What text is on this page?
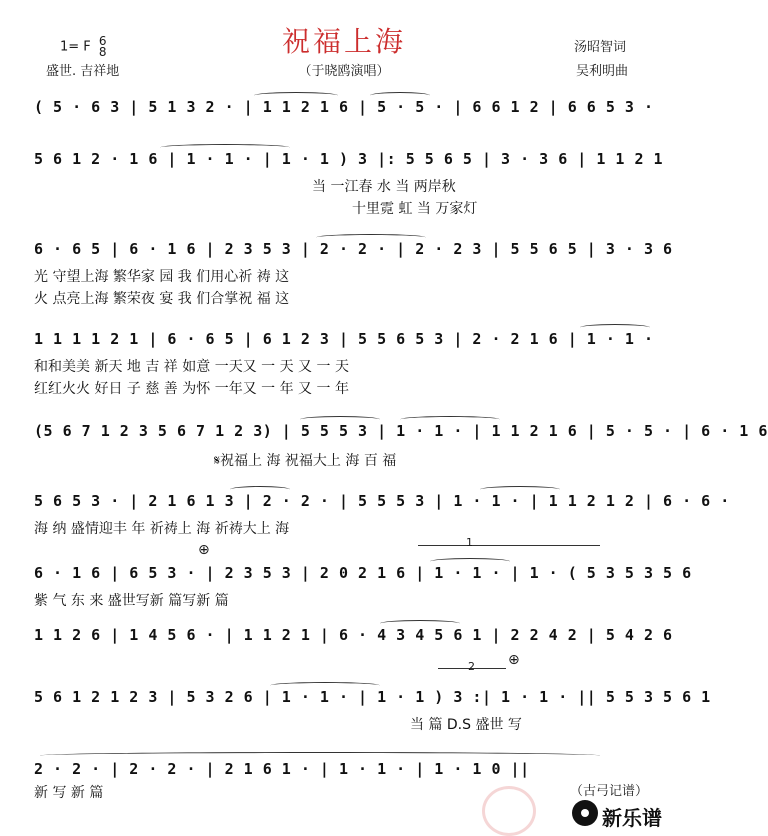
祝福上海
（于晓鸥演唱）
1= F 6
8
盛世. 吉祥地
汤昭智词
吴利明曲
( 5 · 6 3 | 5 1 3 2 · | 1 1 2 1 6 | 5 · 5 · | 6 6 1 2 | 6 6 5 3 ·
5 6 1 2 · 1 6 | 1 · 1 · | 1 · 1 ) 3 |: 5 5 6 5 | 3 · 3 6 | 1 1 2 1
当 一江春 水 当 两岸秋
十里霓 虹 当 万家灯
6 · 6 5 | 6 · 1 6 | 2 3 5 3 | 2 · 2 · | 2 · 2 3 | 5 5 6 5 | 3 · 3 6
光 守望上海 繁华家 园 我 们用心祈 祷 这
火 点亮上海 繁荣夜 宴 我 们合掌祝 福 这
1 1 1 1 2 1 | 6 · 6 5 | 6 1 2 3 | 5 5 6 5 3 | 2 · 2 1 6 | 1 · 1 ·
和和美美 新天 地 吉 祥 如意 一天又 一 天 又 一 天
红红火火 好日 子 慈 善 为怀 一年又 一 年 又 一 年
(5 6 7 1 2 3 5 6 7 1 2 3) | 5 5 5 3 | 1 · 1 · | 1 1 2 1 6 | 5 · 5 · | 6 · 1 6
𝄋祝福上 海 祝福大上 海 百 福
5 6 5 3 · | 2 1 6 1 3 | 2 · 2 · | 5 5 5 3 | 1 · 1 · | 1 1 2 1 2 | 6 · 6 ·
海 纳 盛情迎丰 年 祈祷上 海 祈祷大上 海
⊕	1
6 · 1 6 | 6 5 3 · | 2 3 5 3 | 2 0 2 1 6 | 1 · 1 · | 1 · ( 5 3 5 3 5 6
紫 气 东 来 盛世写新 篇写新 篇
1 1 2 6 | 1 4 5 6 · | 1 1 2 1 | 6 · 4 3 4 5 6 1 | 2 2 4 2 | 5 4 2 6
2 ⊕
5 6 1 2 1 2 3 | 5 3 2 6 | 1 · 1 · | 1 · 1 ) 3 :| 1 · 1 · || 5 5 3 5 6 1
当 篇 D.S 盛世 写
2 · 2 · | 2 · 2 · | 2 1 6 1 · | 1 · 1 · | 1 · 1 0 ||
新 写 新 篇	（古弓记谱）
新乐谱
